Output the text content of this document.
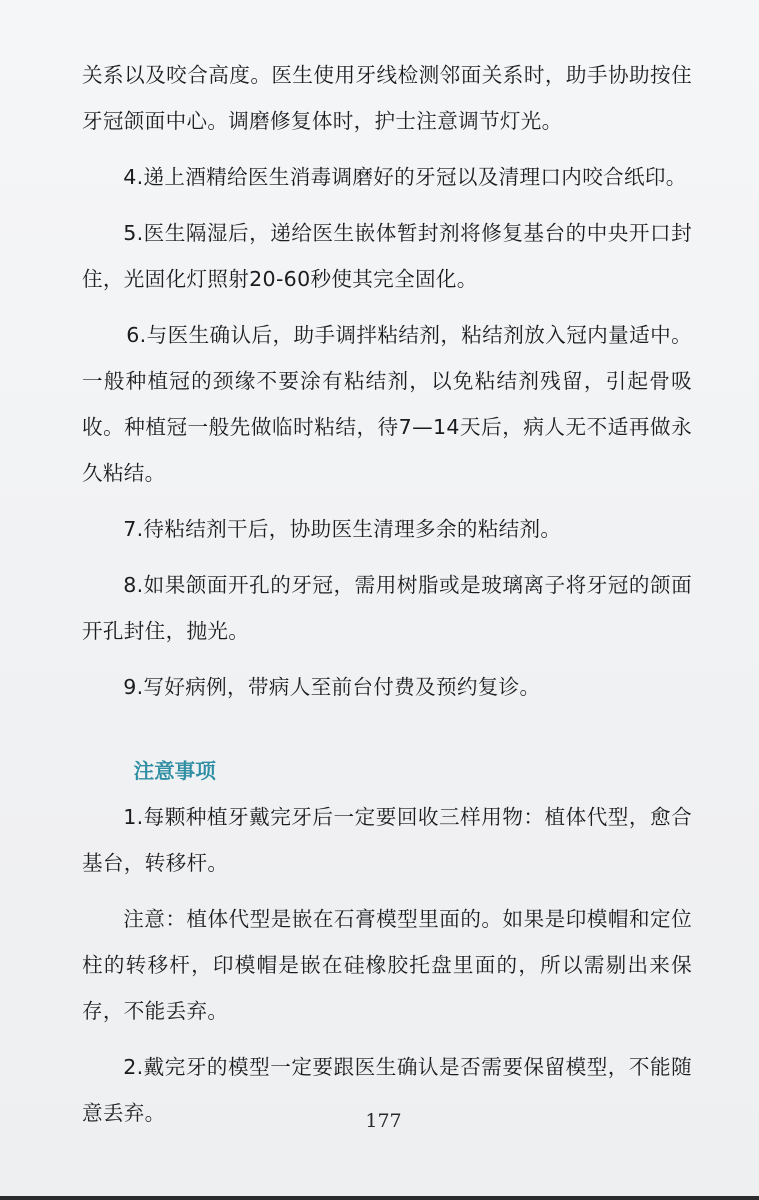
关系以及咬合高度。医生使用牙线检测邻面关系时，助手协助按住牙冠颌面中心。调磨修复体时，护士注意调节灯光。

4.递上酒精给医生消毒调磨好的牙冠以及清理口内咬合纸印。

5.医生隔湿后，递给医生嵌体暂封剂将修复基台的中央开口封住，光固化灯照射20-60秒使其完全固化。

6.与医生确认后，助手调拌粘结剂，粘结剂放入冠内量适中。一般种植冠的颈缘不要涂有粘结剂，以免粘结剂残留，引起骨吸收。种植冠一般先做临时粘结，待7—14天后，病人无不适再做永久粘结。

7.待粘结剂干后，协助医生清理多余的粘结剂。

8.如果颌面开孔的牙冠，需用树脂或是玻璃离子将牙冠的颌面开孔封住，抛光。

9.写好病例，带病人至前台付费及预约复诊。

注意事项

1.每颗种植牙戴完牙后一定要回收三样用物：植体代型，愈合基台，转移杆。

注意：植体代型是嵌在石膏模型里面的。如果是印模帽和定位柱的转移杆，印模帽是嵌在硅橡胶托盘里面的，所以需剔出来保存，不能丢弃。

2.戴完牙的模型一定要跟医生确认是否需要保留模型，不能随意丢弃。	177
